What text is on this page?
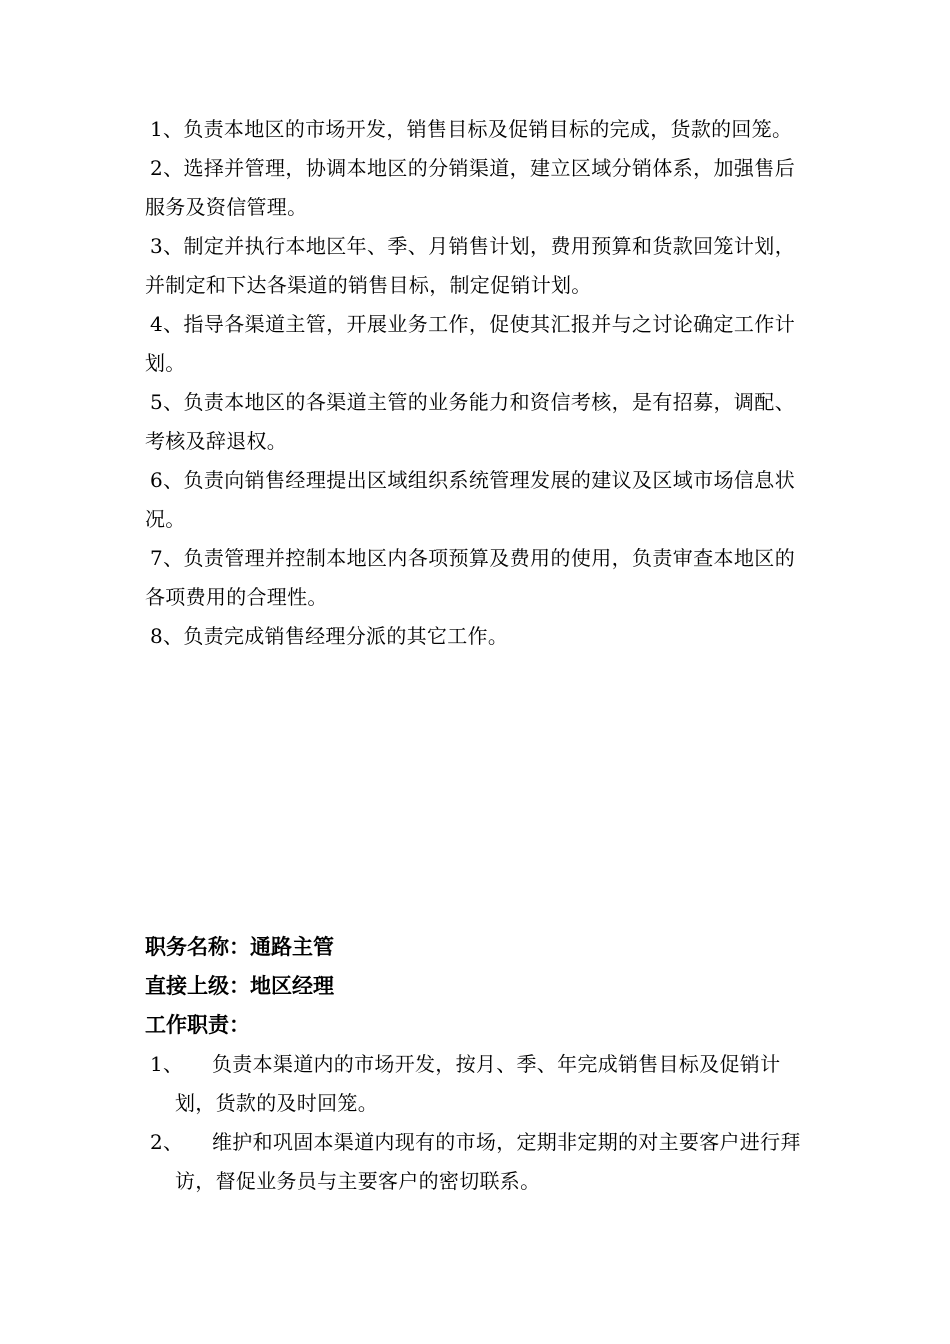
1、负责本地区的市场开发，销售目标及促销目标的完成，货款的回笼。

2、选择并管理，协调本地区的分销渠道，建立区域分销体系，加强售后服务及资信管理。

3、制定并执行本地区年、季、月销售计划，费用预算和货款回笼计划，并制定和下达各渠道的销售目标，制定促销计划。

4、指导各渠道主管，开展业务工作，促使其汇报并与之讨论确定工作计划。

5、负责本地区的各渠道主管的业务能力和资信考核，是有招募，调配、考核及辞退权。

6、负责向销售经理提出区域组织系统管理发展的建议及区域市场信息状况。

7、负责管理并控制本地区内各项预算及费用的使用，负责审查本地区的各项费用的合理性。

8、负责完成销售经理分派的其它工作。

职务名称：通路主管

直接上级：地区经理

工作职责：

1、	负责本渠道内的市场开发，按月、季、年完成销售目标及促销计划，货款的及时回笼。

2、	维护和巩固本渠道内现有的市场，定期非定期的对主要客户进行拜访，督促业务员与主要客户的密切联系。
